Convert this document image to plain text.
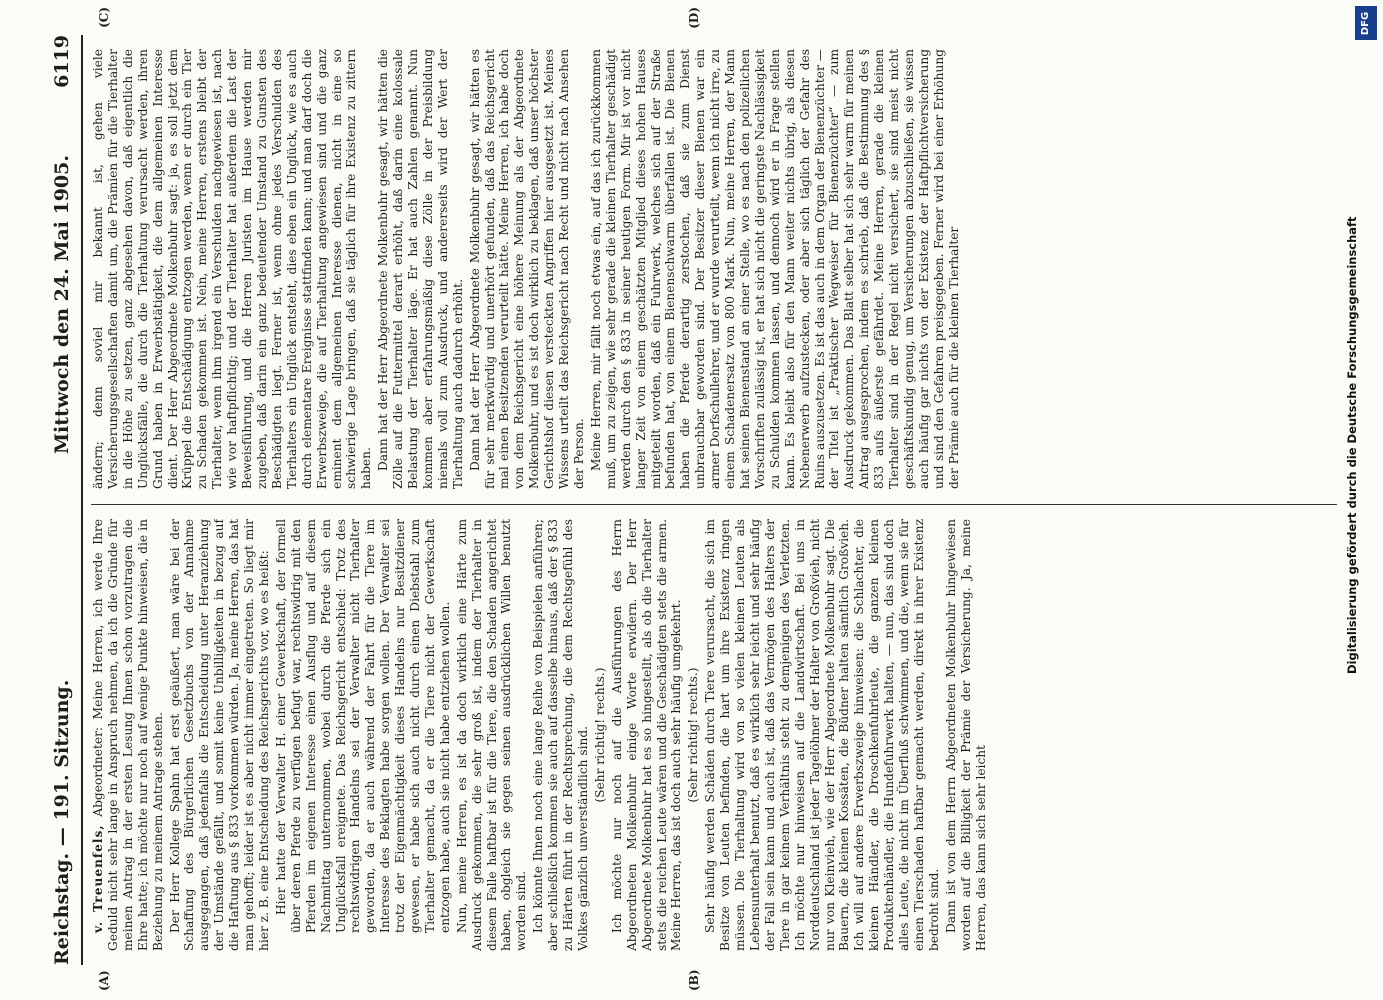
Reichstag. — 191. Sitzung.
Mittwoch den 24. Mai 1905.
6119
(A)	(B)
(C)	(D)

v. Treuenfels, Abgeordneter: Meine Herren, ich werde Ihre Geduld nicht sehr lange in Anspruch nehmen, da ich die Gründe für meinen Antrag in der ersten Lesung Ihnen schon vorzutragen die Ehre hatte; ich möchte nur noch auf wenige Punkte hinweisen, die in Beziehung zu meinem Antrage stehen. Der Herr Kollege Spahn hat erst geäußert, man wäre bei der Schaffung des Bürgerlichen Gesetzbuchs von der Annahme ausgegangen, daß jedenfalls die Entscheidung unter Heranziehung der Umstände gefällt, und somit keine Unbilligkeiten in bezug auf die Haftung aus § 833 vorkommen würden. Ja, meine Herren, das hat man gehofft; leider ist es aber nicht immer eingetreten. So liegt mir hier z. B. eine Entscheidung des Reichsgerichts vor, wo es heißt: Hier hatte der Verwalter H. einer Gewerkschaft, der formell über deren Pferde zu verfügen befugt war, rechtswidrig mit den Pferden im eigenen Interesse einen Ausflug und auf diesem Nachmittag unternommen, wobei durch die Pferde sich ein Unglücksfall ereignete. Das Reichsgericht entschied: Trotz des rechtswidrigen Handelns sei der Verwalter nicht Tierhalter geworden, da er auch während der Fahrt für die Tiere im Interesse des Beklagten habe sorgen wollen. Der Verwalter sei trotz der Eigenmächtigkeit dieses Handelns nur Besitzdiener gewesen, er habe sich auch nicht durch einen Diebstahl zum Tierhalter gemacht, da er die Tiere nicht der Gewerkschaft entzogen habe, auch sie nicht habe entziehen wollen. Nun, meine Herren, es ist da doch wirklich eine Härte zum Ausdruck gekommen, die sehr groß ist, indem der Tierhalter in diesem Falle haftbar ist für die Tiere, die den Schaden angerichtet haben, obgleich sie gegen seinen ausdrücklichen Willen benutzt worden sind. Ich könnte Ihnen noch eine lange Reihe von Beispielen anführen; aber schließlich kommen sie auch auf dasselbe hinaus, daß der § 833 zu Härten führt in der Rechtsprechung, die dem Rechtsgefühl des Volkes gänzlich unverständlich sind. (Sehr richtig! rechts.) Ich möchte nur noch auf die Ausführungen des Herrn Abgeordneten Molkenbuhr einige Worte erwidern. Der Herr Abgeordnete Molkenbuhr hat es so hingestellt, als ob die Tierhalter stets die reichen Leute wären und die Geschädigten stets die armen. Meine Herren, das ist doch auch sehr häufig umgekehrt. (Sehr richtig! rechts.) Sehr häufig werden Schäden durch Tiere verursacht, die sich im Besitze von Leuten befinden, die hart um ihre Existenz ringen müssen. Die Tierhaltung wird von so vielen kleinen Leuten als Lebensunterhalt benutzt, daß es wirklich sehr leicht und sehr häufig der Fall sein kann und auch ist, daß das Vermögen des Halters der Tiere in gar keinem Verhältnis steht zu demjenigen des Verletzten. Ich möchte nur hinweisen auf die Landwirtschaft. Bei uns in Norddeutschland ist jeder Tagelöhner der Halter von Großvieh, nicht nur von Kleinvieh, wie der Herr Abgeordnete Molkenbuhr sagt. Die Bauern, die kleinen Kossäten, die Büdner halten sämtlich Großvieh. Ich will auf andere Erwerbszweige hinweisen: die Schlachter, die kleinen Händler, die Droschkenfuhrleute, die ganzen kleinen Produktenhändler, die Hundefuhrwerk halten, — nun, das sind doch alles Leute, die nicht im Überfluß schwimmen, und die, wenn sie für einen Tierschaden haftbar gemacht werden, direkt in ihrer Existenz bedroht sind. Dann ist von dem Herrn Abgeordneten Molkenbuhr hingewiesen worden auf die Billigkeit der Prämie der Versicherung. Ja, meine Herren, das kann sich sehr leicht

ändern; denn soviel mir bekannt ist, gehen viele Versicherungsgesellschaften damit um, die Prämien für die Tierhalter in die Höhe zu setzen, ganz abgesehen davon, daß eigentlich die Unglücksfälle, die durch die Tierhaltung verursacht werden, ihren Grund haben in Erwerbstätigkeit, die dem allgemeinen Interesse dient. Der Herr Abgeordnete Molkenbuhr sagt: ja, es soll jetzt dem Krüppel die Entschädigung entzogen werden, wenn er durch ein Tier zu Schaden gekommen ist. Nein, meine Herren, erstens bleibt der Tierhalter, wenn ihm irgend ein Verschulden nachgewiesen ist, nach wie vor haftpflichtig; und der Tierhalter hat außerdem die Last der Beweisführung, und die Herren Juristen im Hause werden mir zugeben, daß darin ein ganz bedeutender Umstand zu Gunsten des Beschädigten liegt. Ferner ist, wenn ohne jedes Verschulden des Tierhalters ein Unglück entsteht, dies eben ein Unglück, wie es auch durch elementare Ereignisse stattfinden kann; und man darf doch die Erwerbszweige, die auf Tierhaltung angewiesen sind und die ganz eminent dem allgemeinen Interesse dienen, nicht in eine so schwierige Lage bringen, daß sie täglich für ihre Existenz zu zittern haben. Dann hat der Herr Abgeordnete Molkenbuhr gesagt, wir hätten die Zölle auf die Futtermittel derart erhöht, daß darin eine kolossale Belastung der Tierhalter läge. Er hat auch Zahlen genannt. Nun kommen aber erfahrungsmäßig diese Zölle in der Preisbildung niemals voll zum Ausdruck, und andererseits wird der Wert der Tierhaltung auch dadurch erhöht. Dann hat der Herr Abgeordnete Molkenbuhr gesagt, wir hätten es für sehr merkwürdig und unerhört gefunden, daß das Reichsgericht mal einen Besitzenden verurteilt hätte. Meine Herren, ich habe doch von dem Reichsgericht eine höhere Meinung als der Abgeordnete Molkenbuhr, und es ist doch wirklich zu beklagen, daß unser höchster Gerichtshof diesen versteckten Angriffen hier ausgesetzt ist. Meines Wissens urteilt das Reichsgericht nach Recht und nicht nach Ansehen der Person. Meine Herren, mir fällt noch etwas ein, auf das ich zurückkommen muß, um zu zeigen, wie sehr gerade die kleinen Tierhalter geschädigt werden durch den § 833 in seiner heutigen Form. Mir ist vor nicht langer Zeit von einem geschätzten Mitglied dieses hohen Hauses mitgeteilt worden, daß ein Fuhrwerk, welches sich auf der Straße befunden hat, von einem Bienenschwarm überfallen ist. Die Bienen haben die Pferde derartig zerstochen, daß sie zum Dienst unbrauchbar geworden sind. Der Besitzer dieser Bienen war ein armer Dorfschullehrer, und er wurde verurteilt, wenn ich nicht irre, zu einem Schadenersatz von 800 Mark. Nun, meine Herren, der Mann hat seinen Bienenstand an einer Stelle, wo es nach den polizeilichen Vorschriften zulässig ist, er hat sich nicht die geringste Nachlässigkeit zu Schulden kommen lassen, und dennoch wird er in Frage stellen kann. Es bleibt also für den Mann weiter nichts übrig, als diesen Nebenerwerb aufzustecken, oder aber sich täglich der Gefahr des Ruins auszusetzen. Es ist das auch in dem Organ der Bienenzüchter — der Titel ist „Praktischer Wegweiser für Bienenzüchter“ — zum Ausdruck gekommen. Das Blatt selber hat sich sehr warm für meinen Antrag ausgesprochen, indem es schrieb, daß die Bestimmung des § 833 aufs äußerste gefährdet. Meine Herren, gerade die kleinen Tierhalter sind in der Regel nicht versichert, sie sind meist nicht geschäftskundig genug, um Versicherungen abzuschließen, sie wissen auch häufig gar nichts von der Existenz der Haftpflichtversicherung und sind den Gefahren preisgegeben. Ferner wird bei einer Erhöhung der Prämie auch für die kleinen Tierhalter	Digitalisierung gefördert durch die Deutsche Forschungsgemeinschaft
DFG
